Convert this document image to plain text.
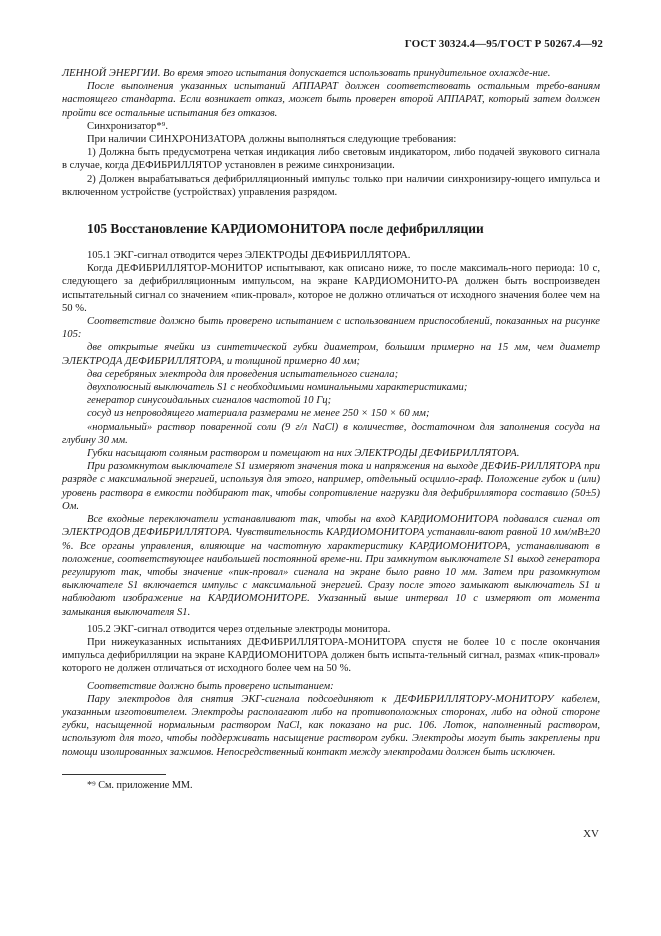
ГОСТ 30324.4—95/ГОСТ Р 50267.4—92

ЛЕННОЙ ЭНЕРГИИ. Во время этого испытания допускается использовать принудительное охлажде-ние.

После выполнения указанных испытаний АППАРАТ должен соответствовать остальным требо-ваниям настоящего стандарта. Если возникает отказ, может быть проверен второй АППАРАТ, который затем должен пройти все остальные испытания без отказов.

Синхронизатор*⁹.

При наличии СИНХРОНИЗАТОРА должны выполняться следующие требования:

1) Должна быть предусмотрена четкая индикация либо световым индикатором, либо подачей звукового сигнала в случае, когда ДЕФИБРИЛЛЯТОР установлен в режиме синхронизации.

2) Должен вырабатываться дефибрилляционный импульс только при наличии синхронизиру-ющего импульса и включенном устройстве (устройствах) управления разрядом.

105 Восстановление КАРДИОМОНИТОРА после дефибрилляции

105.1 ЭКГ-сигнал отводится через ЭЛЕКТРОДЫ ДЕФИБРИЛЛЯТОРА.

Когда ДЕФИБРИЛЛЯТОР-МОНИТОР испытывают, как описано ниже, то после максималь-ного периода: 10 с, следующего за дефибрилляционным импульсом, на экране КАРДИОМОНИТО-РА должен быть воспроизведен испытательный сигнал со значением «пик-провал», которое не должно отличаться от исходного значения более чем на 50 %.

Соответствие должно быть проверено испытанием с использованием приспособлений, показанных на рисунке 105:

две открытые ячейки из синтетической губки диаметром, большим примерно на 15 мм, чем диаметр ЭЛЕКТРОДА ДЕФИБРИЛЛЯТОРА, и толщиной примерно 40 мм;

два серебряных электрода для проведения испытательного сигнала;

двухполюсный выключатель S1 с необходимыми номинальными характеристиками;

генератор синусоидальных сигналов частотой 10 Гц;

сосуд из непроводящего материала размерами не менее 250 × 150 × 60 мм;

«нормальный» раствор поваренной соли (9 г/л NaCl) в количестве, достаточном для заполнения сосуда на глубину 30 мм.

Губки насыщают соляным раствором и помещают на них ЭЛЕКТРОДЫ ДЕФИБРИЛЛЯТОРА.

При разомкнутом выключателе S1 измеряют значения тока и напряжения на выходе ДЕФИБ-РИЛЛЯТОРА при разряде с максимальной энергией, используя для этого, например, отдельный осцилло-граф. Положение губок и (или) уровень раствора в емкости подбирают так, чтобы сопротивление нагрузки для дефибриллятора составило (50±5) Ом.

Все входные переключатели устанавливают так, чтобы на вход КАРДИОМОНИТОРА подавался сигнал от ЭЛЕКТРОДОВ ДЕФИБРИЛЛЯТОРА. Чувствительность КАРДИОМОНИТОРА устанавли-вают равной 10 мм/мВ±20 %. Все органы управления, влияющие на частотную характеристику КАРДИОМОНИТОРА, устанавливают в положение, соответствующее наибольшей постоянной време-ни. При замкнутом выключателе S1 выход генератора регулируют так, чтобы значение «пик-провал» сигнала на экране было равно 10 мм. Затем при разомкнутом выключателе S1 включается импульс с максимальной энергией. Сразу после этого замыкают выключатель S1 и наблюдают изображение на КАРДИОМОНИТОРЕ. Указанный выше интервал 10 с измеряют от момента замыкания выключателя S1.

105.2 ЭКГ-сигнал отводится через отдельные электроды монитора.

При нижеуказанных испытаниях ДЕФИБРИЛЛЯТОРА-МОНИТОРА спустя не более 10 с после окончания импульса дефибрилляции на экране КАРДИОМОНИТОРА должен быть испыта-тельный сигнал, размах «пик-провал» которого не должен отличаться от исходного более чем на 50 %.

Соответствие должно быть проверено испытанием:

Пару электродов для снятия ЭКГ-сигнала подсоединяют к ДЕФИБРИЛЛЯТОРУ-МОНИТОРУ кабелем, указанным изготовителем. Электроды располагают либо на противоположных сторонах, либо на одной стороне губки, насыщенной нормальным раствором NaCl, как показано на рис. 106. Лоток, наполненный раствором, используют для того, чтобы поддерживать насыщение раствором губки. Электроды могут быть закреплены при помощи изолированных зажимов. Непосредственный контакт между электродами должен быть исключен.

*⁹ См. приложение ММ.

XV
